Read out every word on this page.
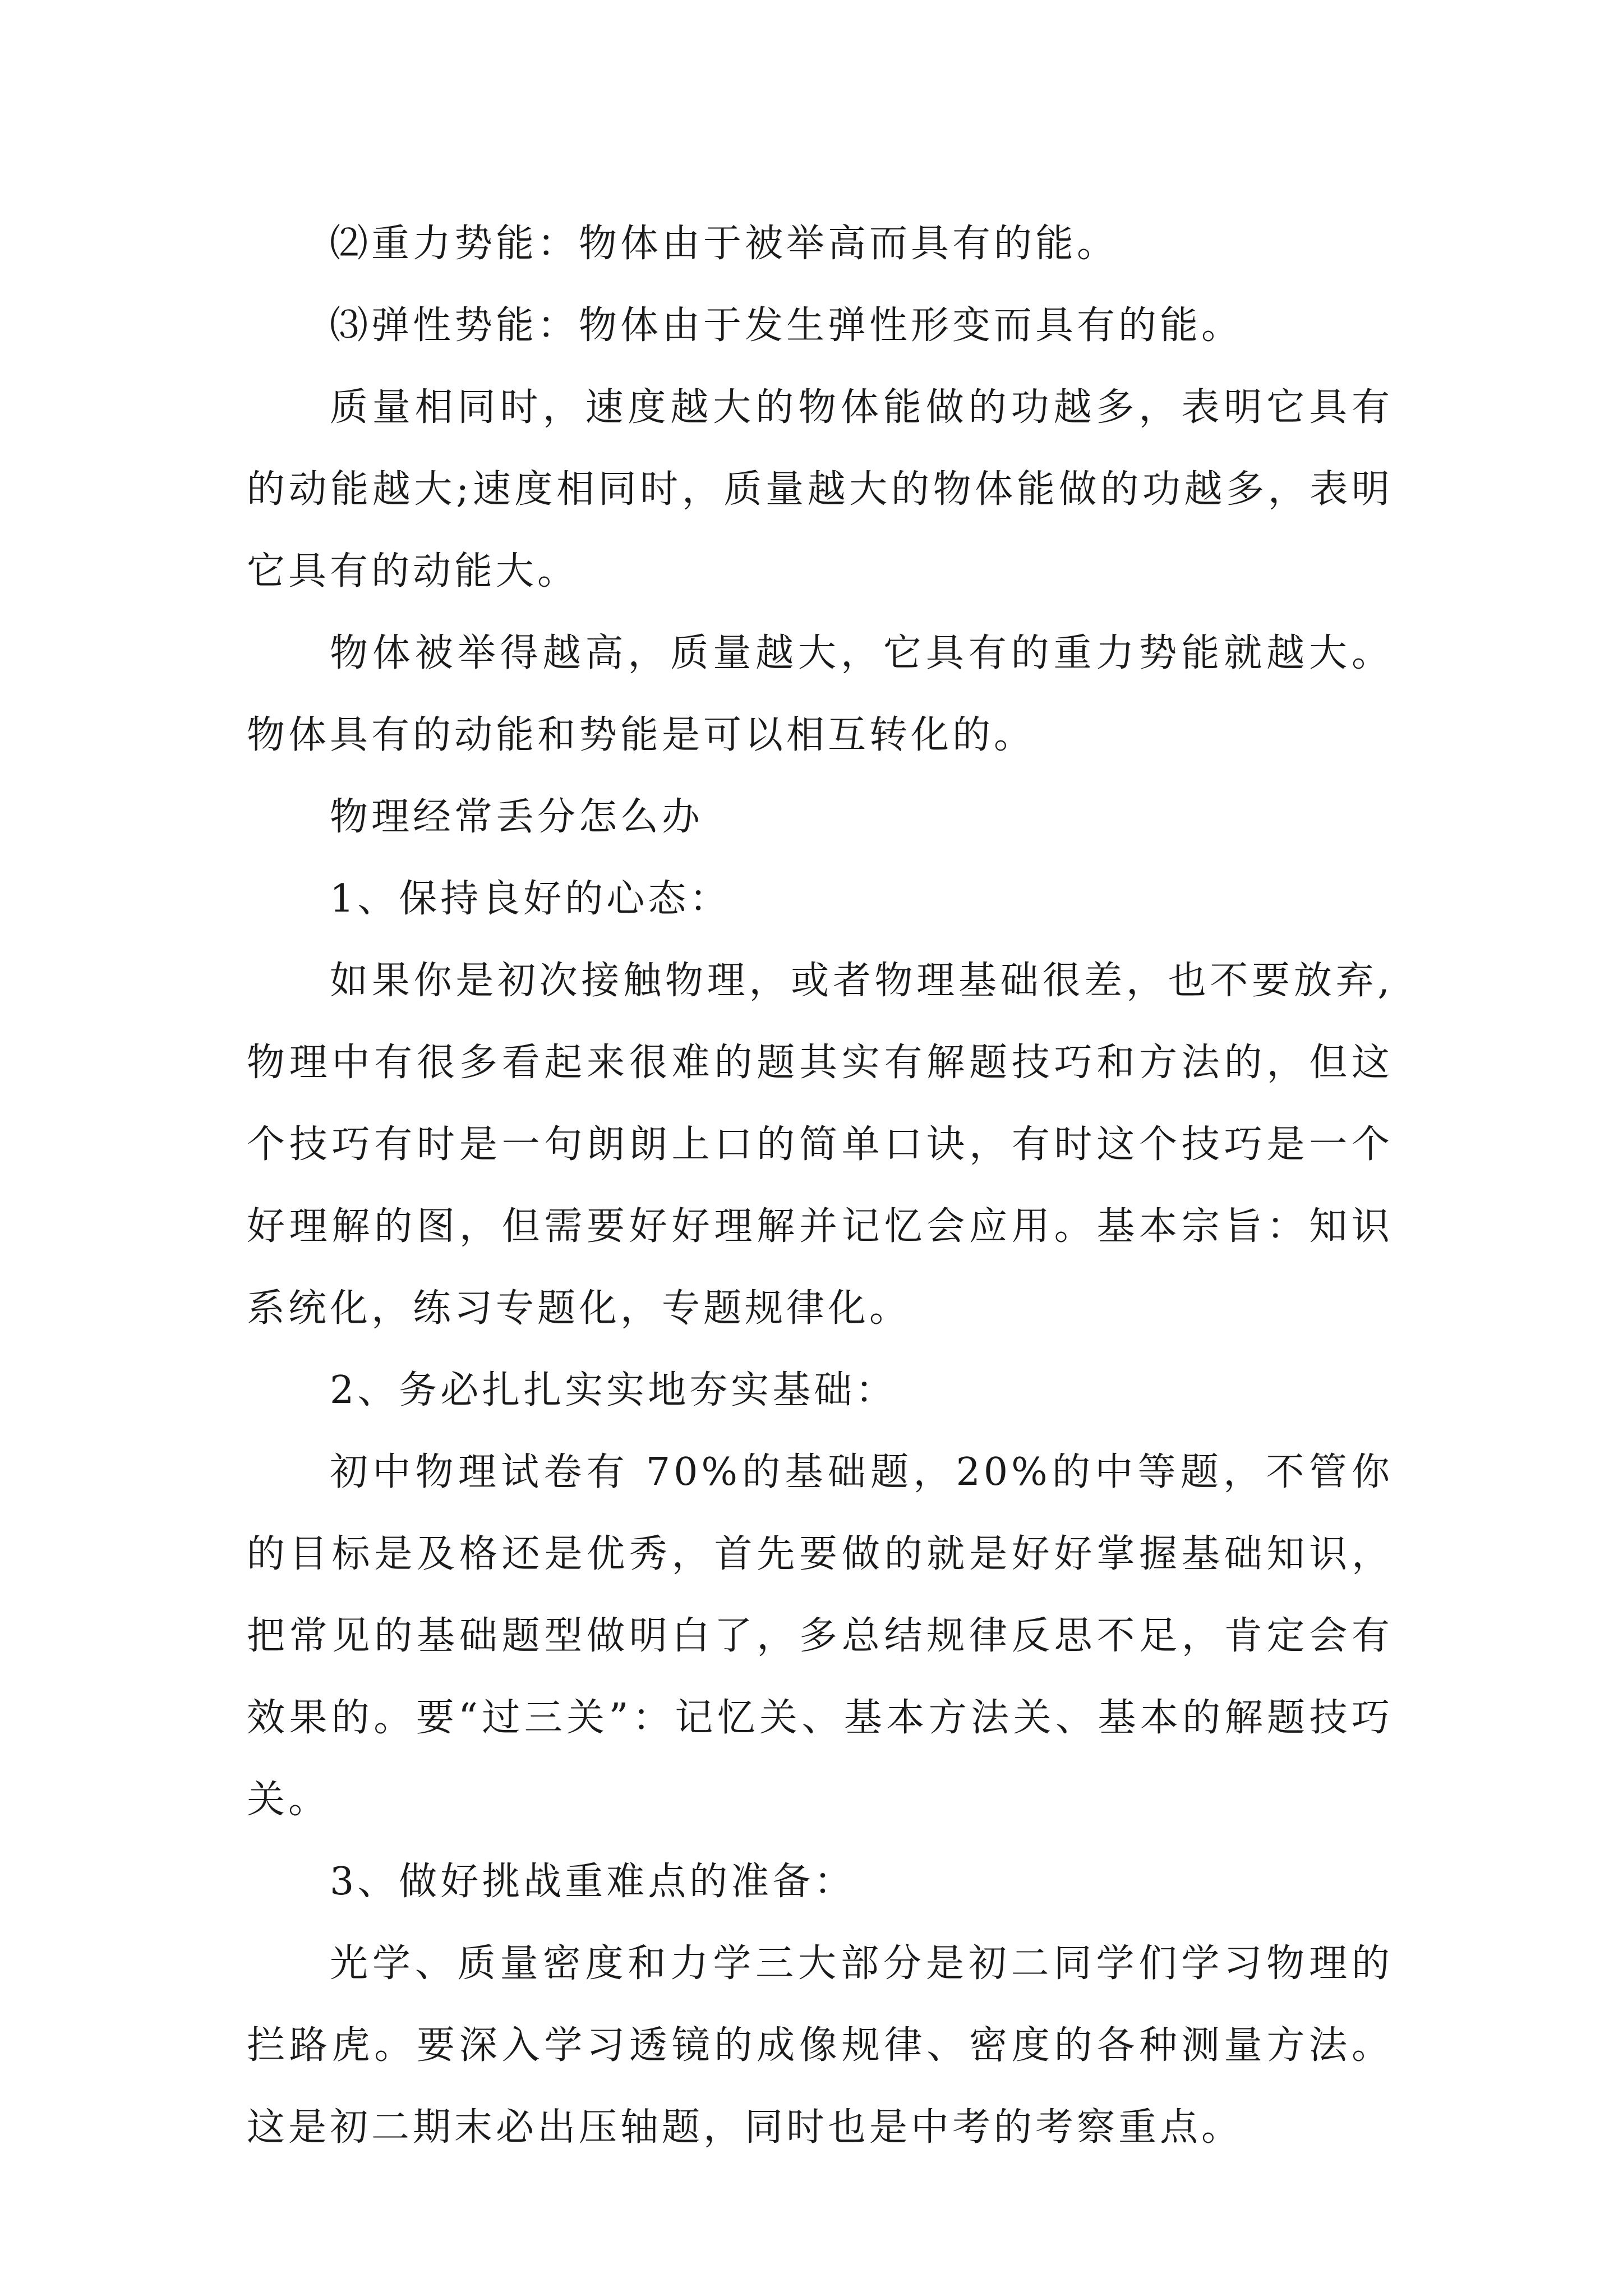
⑵重力势能：物体由于被举高而具有的能。

⑶弹性势能：物体由于发生弹性形变而具有的能。

质量相同时，速度越大的物体能做的功越多，表明它具有的动能越大;速度相同时，质量越大的物体能做的功越多，表明它具有的动能大。

物体被举得越高，质量越大，它具有的重力势能就越大。物体具有的动能和势能是可以相互转化的。

物理经常丢分怎么办

1、保持良好的心态：

如果你是初次接触物理，或者物理基础很差，也不要放弃,物理中有很多看起来很难的题其实有解题技巧和方法的，但这个技巧有时是一句朗朗上口的简单口诀，有时这个技巧是一个好理解的图，但需要好好理解并记忆会应用。基本宗旨：知识系统化，练习专题化，专题规律化。

2、务必扎扎实实地夯实基础：

初中物理试卷有 70%的基础题，20%的中等题，不管你的目标是及格还是优秀，首先要做的就是好好掌握基础知识，把常见的基础题型做明白了，多总结规律反思不足，肯定会有效果的。要“过三关”：记忆关、基本方法关、基本的解题技巧关。

3、做好挑战重难点的准备：

光学、质量密度和力学三大部分是初二同学们学习物理的拦路虎。要深入学习透镜的成像规律、密度的各种测量方法。这是初二期末必出压轴题，同时也是中考的考察重点。
